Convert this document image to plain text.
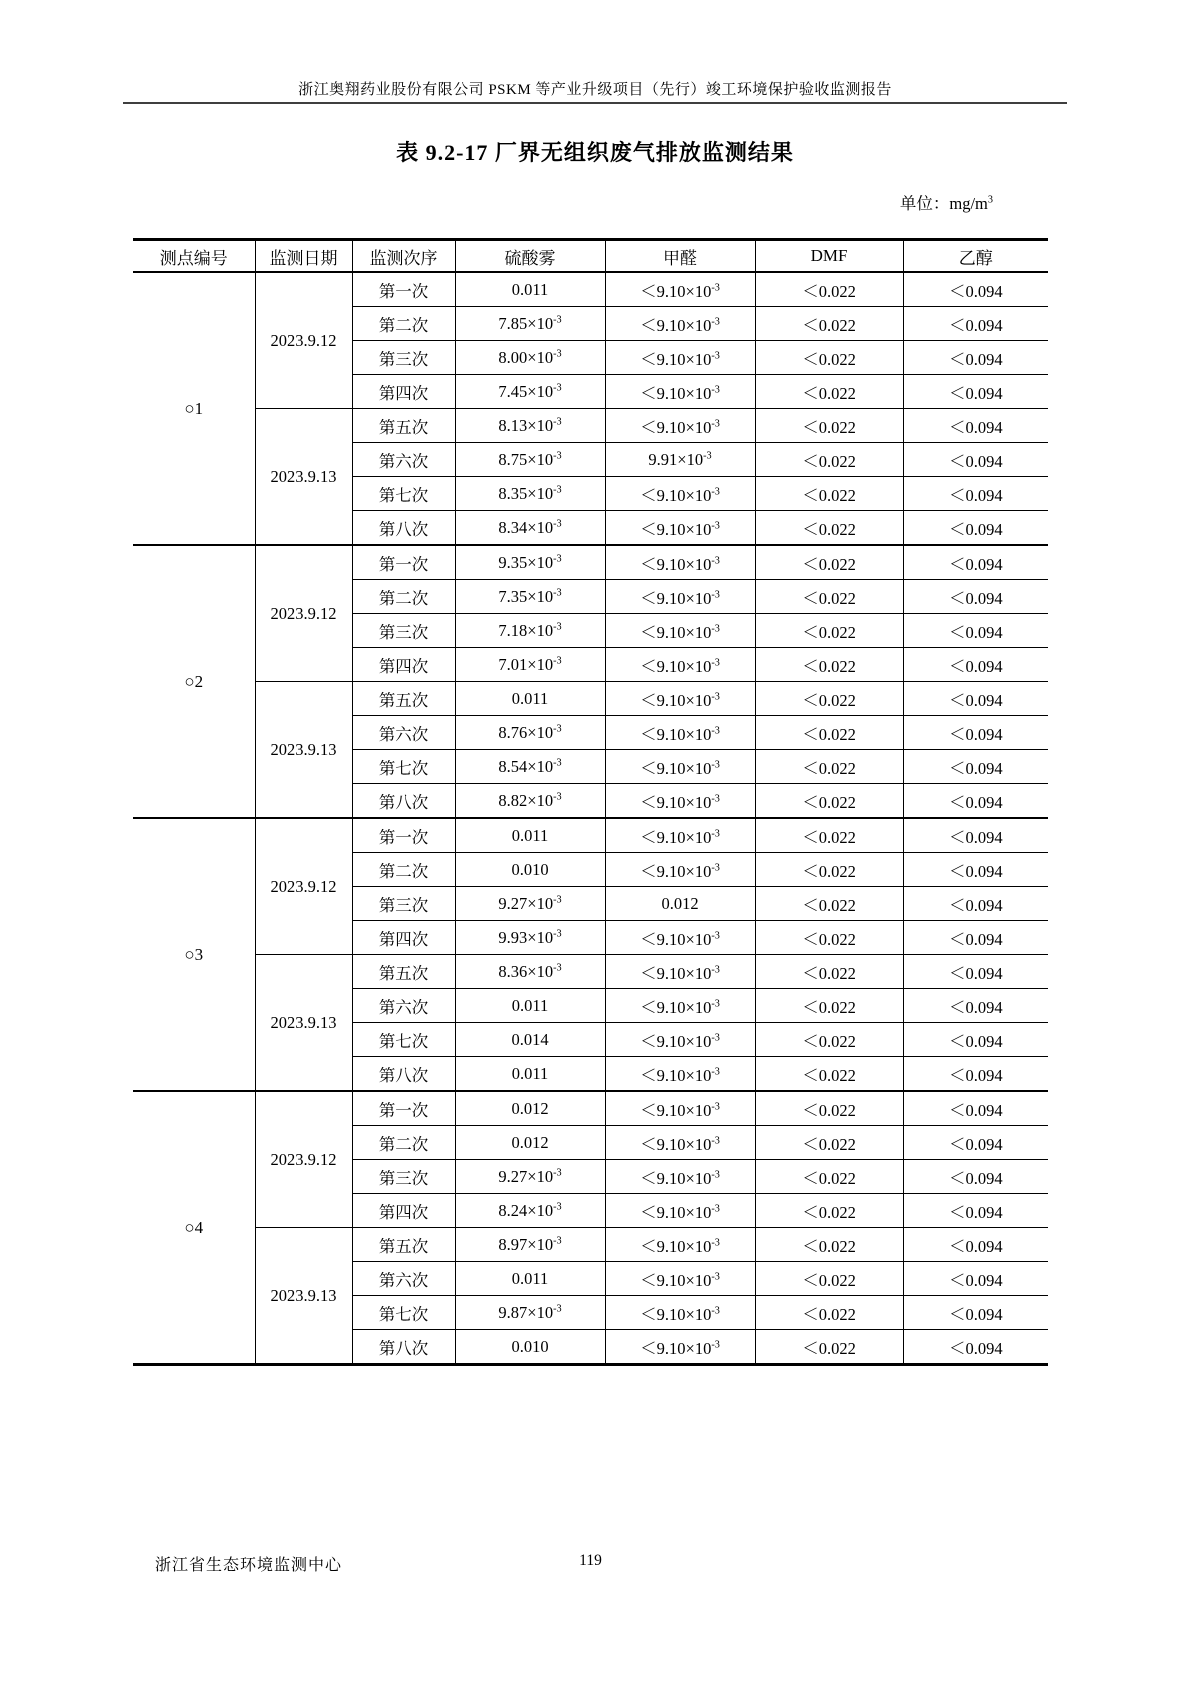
浙江奥翔药业股份有限公司 PSKM 等产业升级项目（先行）竣工环境保护验收监测报告
表 9.2-17 厂界无组织废气排放监测结果
单位：$mg/m^3$
测点编号	监测日期	监测次序	硫酸雾	甲醛	DMF	乙醇
○1	2023.9.12	第一次	0.011	$<9.10\times 10^{-3}$	＜0.022	＜0.094
		第二次	$7.85\times 10^{-3}$	$<9.10\times 10^{-3}$	＜0.022	＜0.094
		第三次	$8.00\times 10^{-3}$	$<9.10\times 10^{-3}$	＜0.022	＜0.094
		第四次	$7.45\times 10^{-3}$	$<9.10\times 10^{-3}$	＜0.022	＜0.094
	2023.9.13	第五次	$8.13\times 10^{-3}$	$<9.10\times 10^{-3}$	＜0.022	＜0.094
		第六次	$8.75\times 10^{-3}$	$9.91\times 10^{-3}$	＜0.022	＜0.094
		第七次	$8.35\times 10^{-3}$	$<9.10\times 10^{-3}$	＜0.022	＜0.094
		第八次	$8.34\times 10^{-3}$	$<9.10\times 10^{-3}$	＜0.022	＜0.094
○2	2023.9.12	第一次	$9.35\times 10^{-3}$	$<9.10\times 10^{-3}$	＜0.022	＜0.094
		第二次	$7.35\times 10^{-3}$	$<9.10\times 10^{-3}$	＜0.022	＜0.094
		第三次	$7.18\times 10^{-3}$	$<9.10\times 10^{-3}$	＜0.022	＜0.094
		第四次	$7.01\times 10^{-3}$	$<9.10\times 10^{-3}$	＜0.022	＜0.094
	2023.9.13	第五次	0.011	$<9.10\times 10^{-3}$	＜0.022	＜0.094
		第六次	$8.76\times 10^{-3}$	$<9.10\times 10^{-3}$	＜0.022	＜0.094
		第七次	$8.54\times 10^{-3}$	$<9.10\times 10^{-3}$	＜0.022	＜0.094
		第八次	$8.82\times 10^{-3}$	$<9.10\times 10^{-3}$	＜0.022	＜0.094
○3	2023.9.12	第一次	0.011	$<9.10\times 10^{-3}$	＜0.022	＜0.094
		第二次	0.010	$<9.10\times 10^{-3}$	＜0.022	＜0.094
		第三次	$9.27\times 10^{-3}$	0.012	＜0.022	＜0.094
		第四次	$9.93\times 10^{-3}$	$<9.10\times 10^{-3}$	＜0.022	＜0.094
	2023.9.13	第五次	$8.36\times 10^{-3}$	$<9.10\times 10^{-3}$	＜0.022	＜0.094
		第六次	0.011	$<9.10\times 10^{-3}$	＜0.022	＜0.094
		第七次	0.014	$<9.10\times 10^{-3}$	＜0.022	＜0.094
		第八次	0.011	$<9.10\times 10^{-3}$	＜0.022	＜0.094
○4	2023.9.12	第一次	0.012	$<9.10\times 10^{-3}$	＜0.022	＜0.094
		第二次	0.012	$<9.10\times 10^{-3}$	＜0.022	＜0.094
		第三次	$9.27\times 10^{-3}$	$<9.10\times 10^{-3}$	＜0.022	＜0.094
		第四次	$8.24\times 10^{-3}$	$<9.10\times 10^{-3}$	＜0.022	＜0.094
	2023.9.13	第五次	$8.97\times 10^{-3}$	$<9.10\times 10^{-3}$	＜0.022	＜0.094
		第六次	0.011	$<9.10\times 10^{-3}$	＜0.022	＜0.094
		第七次	$9.87\times 10^{-3}$	$<9.10\times 10^{-3}$	＜0.022	＜0.094
		第八次	0.010	$<9.10\times 10^{-3}$	＜0.022	＜0.094
浙江省生态环境监测中心	119
